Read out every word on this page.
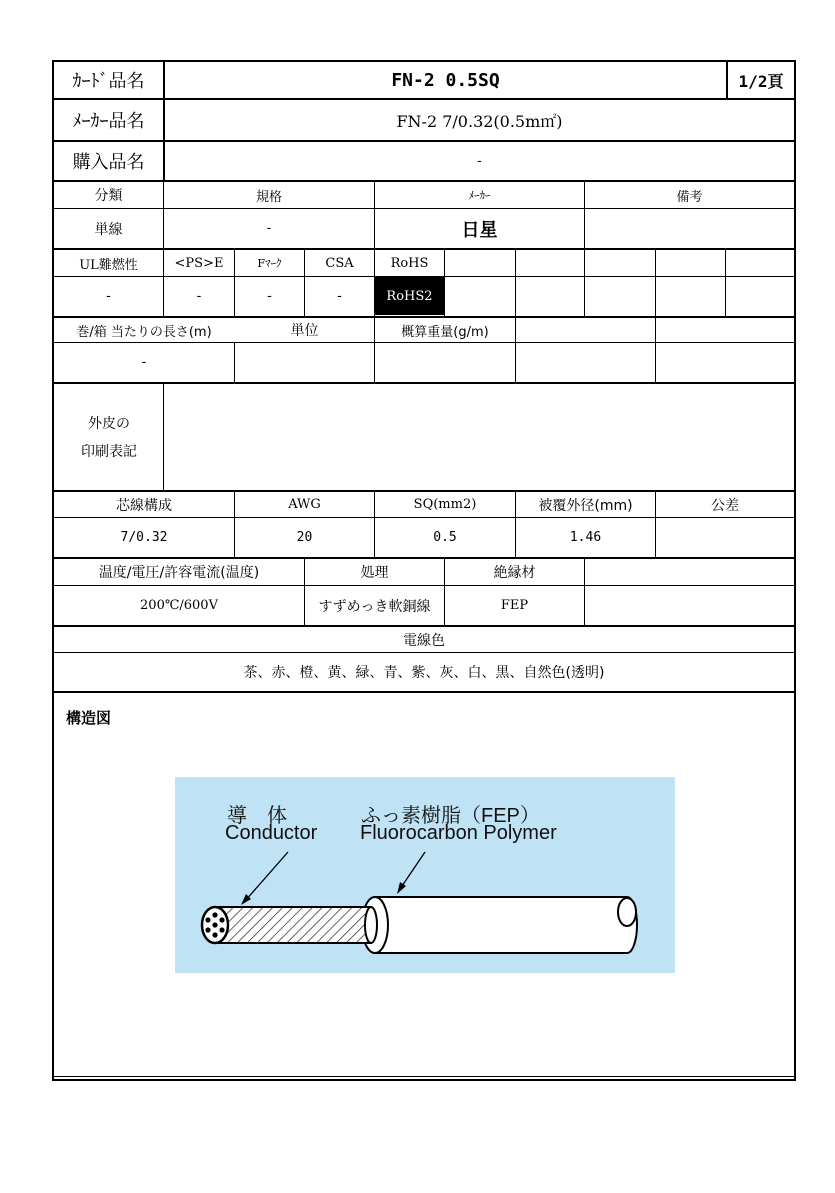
ｶｰﾄﾞ品名	FN-2 0.5SQ	1/2頁
ﾒｰｶｰ品名	FN-2 7/0.32(0.5m㎡)
購入品名	-
分類	規格	ﾒｰｶｰ	備考
単線	-	日星
UL難燃性	<PS>E	Fﾏｰｸ	CSA	RoHS
-	-	-	-	RoHS2
巻/箱 当たりの長さ(m)	単位	概算重量(g/m)
-
外皮の
印刷表記
芯線構成	AWG	SQ(mm2)	被覆外径(mm)	公差
7/0.32	20	0.5	1.46
温度/電圧/許容電流(温度)	処理	絶縁材
200℃/600V	すずめっき軟銅線	FEP
電線色
茶、赤、橙、黄、緑、青、紫、灰、白、黒、自然色(透明)
構造図
導　体
Conductor
ふっ素樹脂（FEP）
Fluorocarbon Polymer
